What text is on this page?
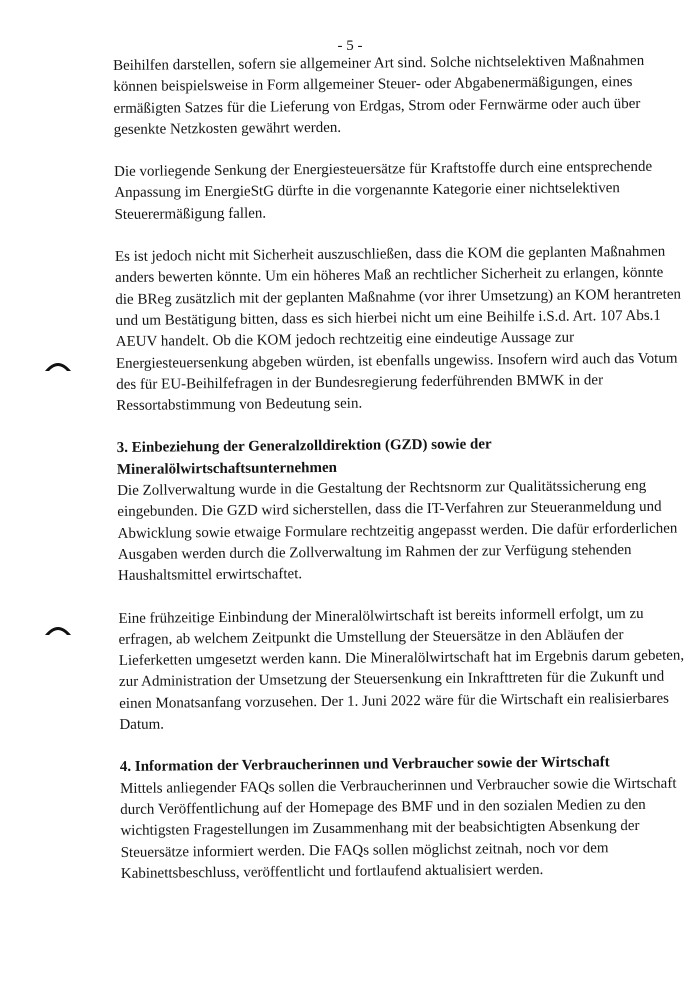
- 5 -

Beihilfen darstellen, sofern sie allgemeiner Art sind. Solche nichtselektiven Maßnahmen
können beispielsweise in Form allgemeiner Steuer- oder Abgabenermäßigungen, eines
ermäßigten Satzes für die Lieferung von Erdgas, Strom oder Fernwärme oder auch über
gesenkte Netzkosten gewährt werden.

Die vorliegende Senkung der Energiesteuersätze für Kraftstoffe durch eine entsprechende
Anpassung im EnergieStG dürfte in die vorgenannte Kategorie einer nichtselektiven
Steuerermäßigung fallen.

Es ist jedoch nicht mit Sicherheit auszuschließen, dass die KOM die geplanten Maßnahmen
anders bewerten könnte. Um ein höheres Maß an rechtlicher Sicherheit zu erlangen, könnte
die BReg zusätzlich mit der geplanten Maßnahme (vor ihrer Umsetzung) an KOM herantreten
und um Bestätigung bitten, dass es sich hierbei nicht um eine Beihilfe i.S.d. Art. 107 Abs.1
AEUV handelt. Ob die KOM jedoch rechtzeitig eine eindeutige Aussage zur
Energiesteuersenkung abgeben würden, ist ebenfalls ungewiss. Insofern wird auch das Votum
des für EU-Beihilfefragen in der Bundesregierung federführenden BMWK in der
Ressortabstimmung von Bedeutung sein.

3. Einbeziehung der Generalzolldirektion (GZD) sowie der
Mineralölwirtschaftsunternehmen

Die Zollverwaltung wurde in die Gestaltung der Rechtsnorm zur Qualitätssicherung eng
eingebunden. Die GZD wird sicherstellen, dass die IT-Verfahren zur Steueranmeldung und
Abwicklung sowie etwaige Formulare rechtzeitig angepasst werden. Die dafür erforderlichen
Ausgaben werden durch die Zollverwaltung im Rahmen der zur Verfügung stehenden
Haushaltsmittel erwirtschaftet.

Eine frühzeitige Einbindung der Mineralölwirtschaft ist bereits informell erfolgt, um zu
erfragen, ab welchem Zeitpunkt die Umstellung der Steuersätze in den Abläufen der
Lieferketten umgesetzt werden kann. Die Mineralölwirtschaft hat im Ergebnis darum gebeten,
zur Administration der Umsetzung der Steuersenkung ein Inkrafttreten für die Zukunft und
einen Monatsanfang vorzusehen. Der 1. Juni 2022 wäre für die Wirtschaft ein realisierbares
Datum.

4. Information der Verbraucherinnen und Verbraucher sowie der Wirtschaft

Mittels anliegender FAQs sollen die Verbraucherinnen und Verbraucher sowie die Wirtschaft
durch Veröffentlichung auf der Homepage des BMF und in den sozialen Medien zu den
wichtigsten Fragestellungen im Zusammenhang mit der beabsichtigten Absenkung der
Steuersätze informiert werden. Die FAQs sollen möglichst zeitnah, noch vor dem
Kabinettsbeschluss, veröffentlicht und fortlaufend aktualisiert werden.
